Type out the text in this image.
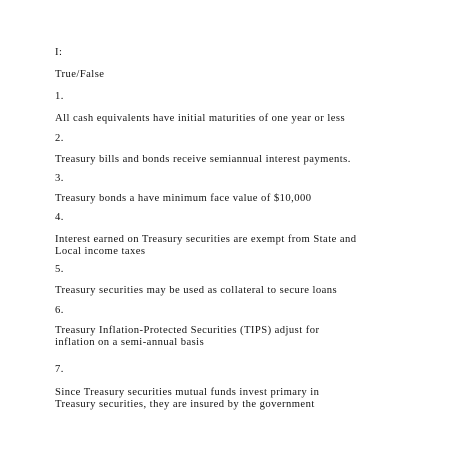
I:
True/False
1.
All cash equivalents have initial maturities of one year or less
2.
Treasury bills and bonds receive semiannual interest payments.
3.
Treasury bonds a have minimum face value of $10,000
4.
Interest earned on Treasury securities are exempt from State and
Local income taxes
5.
Treasury securities may be used as collateral to secure loans
6.
Treasury Inflation-Protected Securities (TIPS) adjust for
inflation on a semi-annual basis
7.
Since Treasury securities mutual funds invest primary in
Treasury securities, they are insured by the government
